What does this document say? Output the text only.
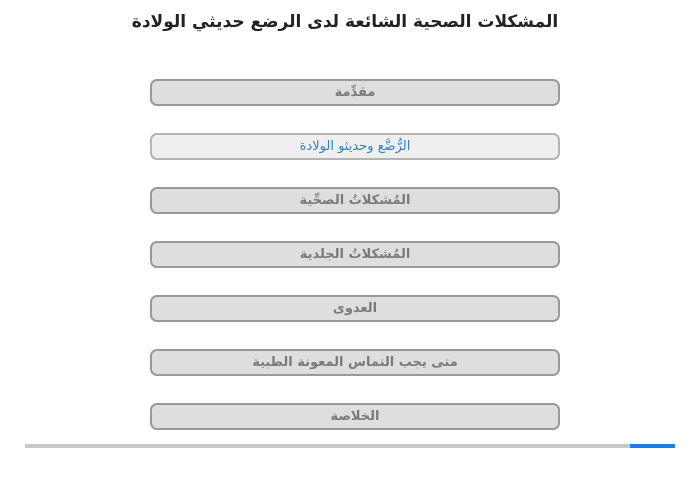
المشكلات الصحية الشائعة لدى الرضع حديثي الولادة
مقدِّمة
الرُّضَّع وحديثو الولادة
المُشكلاتُ الصحِّية
المُشكلاتُ الجلدية
العدوى
متى يجب التماس المعونة الطبية
الخلاصة
